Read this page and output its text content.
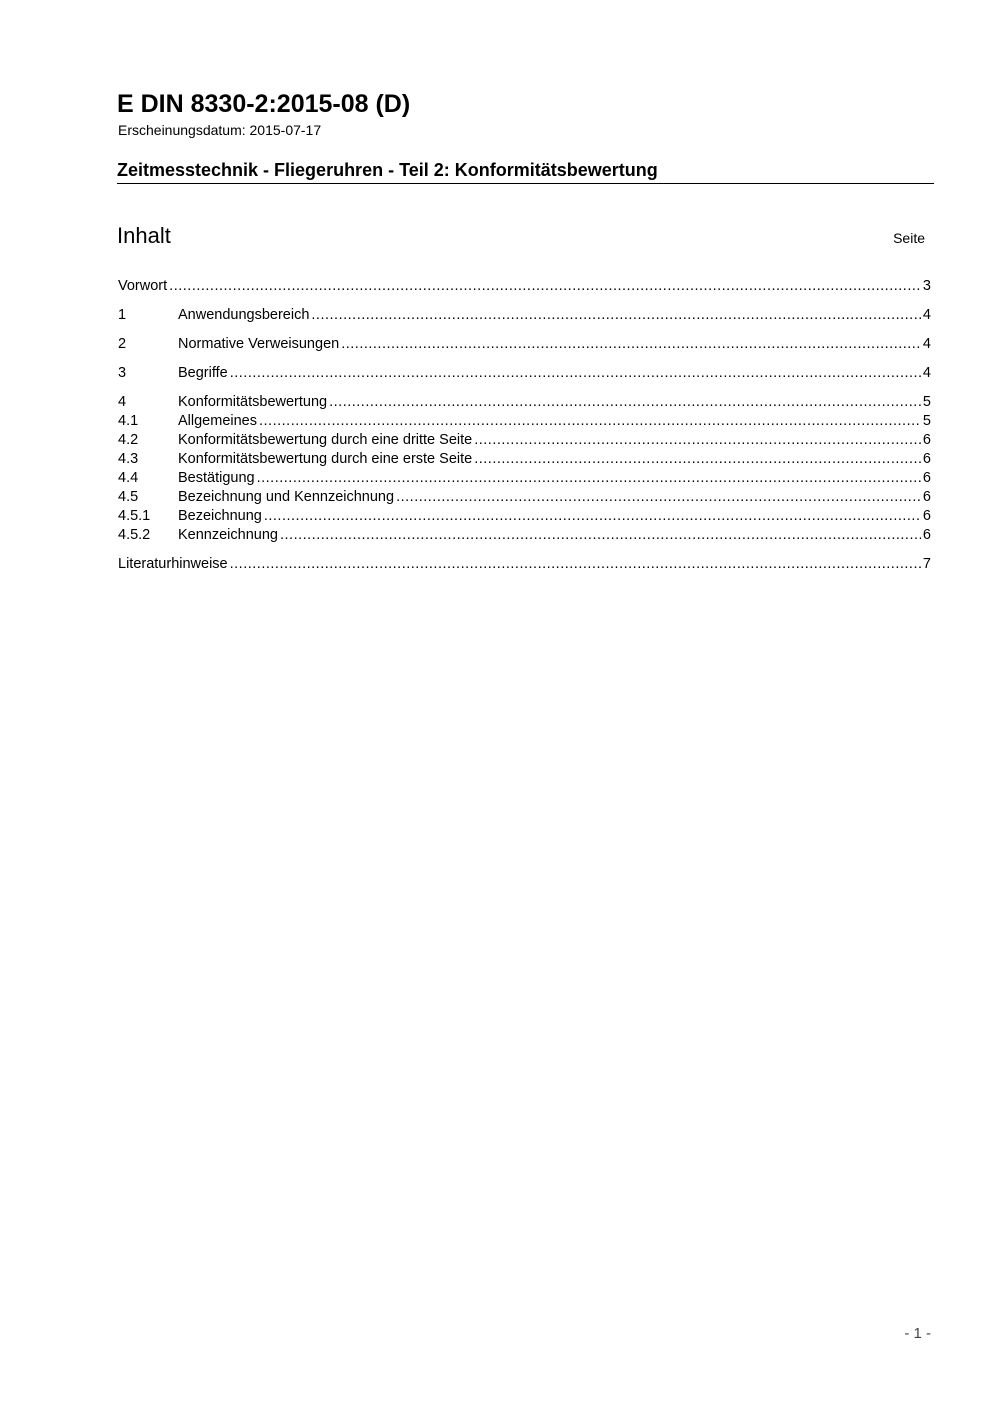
E DIN 8330-2:2015-08 (D)
Erscheinungsdatum: 2015-07-17
Zeitmesstechnik - Fliegeruhren - Teil 2: Konformitätsbewertung
Inhalt	Seite
Vorwort .....	3
1	Anwendungsbereich .....	4
2	Normative Verweisungen .....	4
3	Begriffe .....	4
4	Konformitätsbewertung .....	5
4.1	Allgemeines .....	5
4.2	Konformitätsbewertung durch eine dritte Seite .....	6
4.3	Konformitätsbewertung durch eine erste Seite .....	6
4.4	Bestätigung .....	6
4.5	Bezeichnung und Kennzeichnung .....	6
4.5.1	Bezeichnung .....	6
4.5.2	Kennzeichnung .....	6
Literaturhinweise .....	7
- 1 -
